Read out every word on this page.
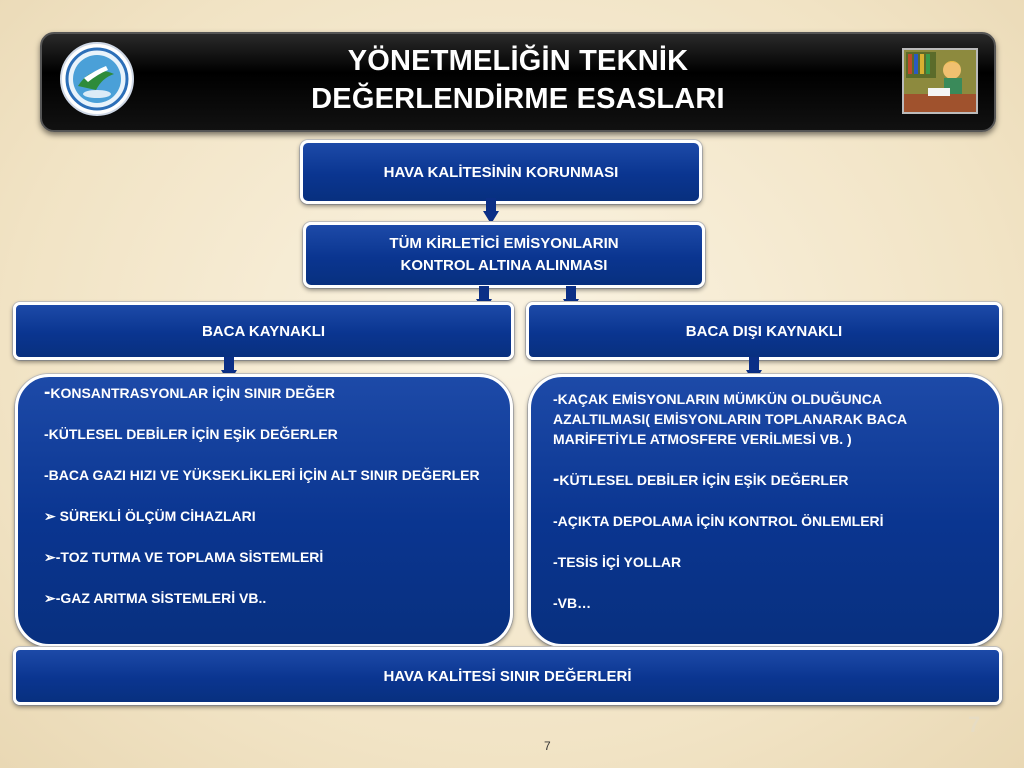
YÖNETMELİĞİN TEKNİK
DEĞERLENDİRME ESASLARI
HAVA KALİTESİNİN KORUNMASI
TÜM KİRLETİCİ EMİSYONLARIN
KONTROL ALTINA ALINMASI
BACA KAYNAKLI	BACA DIŞI KAYNAKLI

-KONSANTRASYONLAR İÇİN SINIR DEĞER

-KÜTLESEL DEBİLER İÇİN EŞİK DEĞERLER

-BACA GAZI HIZI VE YÜKSEKLİKLERİ İÇİN ALT SINIR DEĞERLER

➢ SÜREKLİ ÖLÇÜM CİHAZLARI

➢-TOZ TUTMA VE TOPLAMA SİSTEMLERİ

➢-GAZ ARITMA SİSTEMLERİ VB..

-KAÇAK EMİSYONLARIN MÜMKÜN OLDUĞUNCA AZALTILMASI( EMİSYONLARIN TOPLANARAK BACA MARİFETİYLE ATMOSFERE VERİLMESİ VB. )

-KÜTLESEL DEBİLER İÇİN EŞİK DEĞERLER

-AÇIKTA DEPOLAMA İÇİN KONTROL ÖNLEMLERİ

-TESİS İÇİ YOLLAR

-VB…

HAVA KALİTESİ SINIR DEĞERLERİ
7
7
